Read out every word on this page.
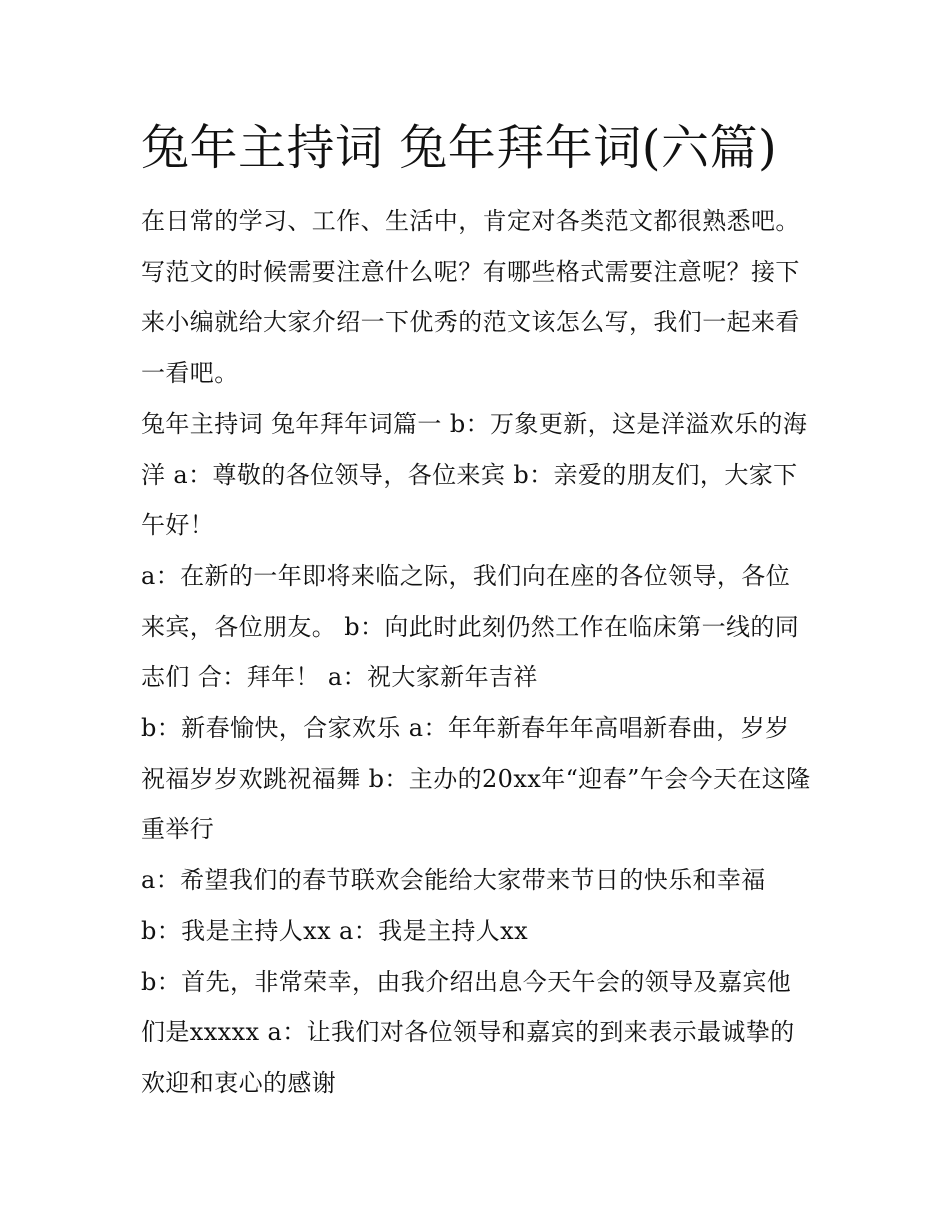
兔年主持词 兔年拜年词(六篇)

在日常的学习、工作、生活中，肯定对各类范文都很熟悉吧。写范文的时候需要注意什么呢？有哪些格式需要注意呢？接下来小编就给大家介绍一下优秀的范文该怎么写，我们一起来看一看吧。

兔年主持词 兔年拜年词篇一 b：万象更新，这是洋溢欢乐的海洋 a：尊敬的各位领导，各位来宾 b：亲爱的朋友们，大家下午好！

a：在新的一年即将来临之际，我们向在座的各位领导，各位来宾，各位朋友。 b：向此时此刻仍然工作在临床第一线的同志们 合：拜年！ a：祝大家新年吉祥

b：新春愉快，合家欢乐 a：年年新春年年高唱新春曲，岁岁祝福岁岁欢跳祝福舞 b：主办的20xx年“迎春”午会今天在这隆重举行

a：希望我们的春节联欢会能给大家带来节日的快乐和幸福

b：我是主持人xx a：我是主持人xx

b：首先，非常荣幸，由我介绍出息今天午会的领导及嘉宾他们是xxxxx a：让我们对各位领导和嘉宾的到来表示最诚挚的欢迎和衷心的感谢
